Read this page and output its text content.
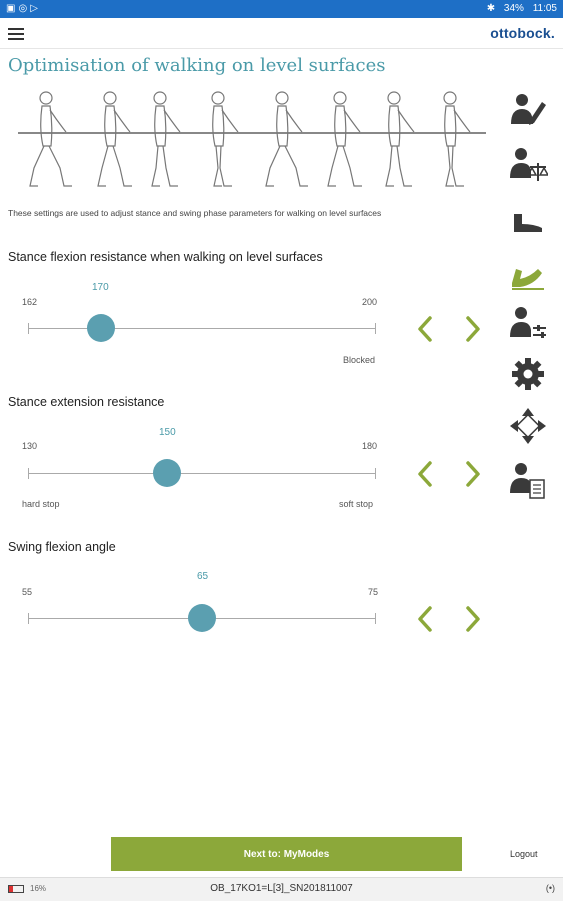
▣◎▷	✱ 34% 11:05
ottobock.
Optimisation of walking on level surfaces
These settings are used to adjust stance and swing phase parameters for walking on level surfaces
Stance flexion resistance when walking on level surfaces
162	200
170
Blocked
Stance extension resistance
130	180
150
hard stop	soft stop
Swing flexion angle
55	75
65
Next to: MyModes	Logout
16%	OB_17KO1=L[3]_SN201811007	(•)
